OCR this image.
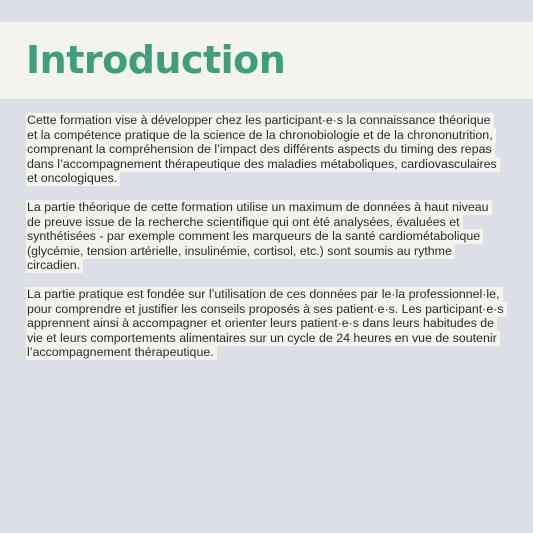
Introduction

Cette formation vise à développer chez les participant·e·s la connaissance théorique et la compétence pratique de la science de la chronobiologie et de la chrononutrition, comprenant la compréhension de l’impact des différents aspects du timing des repas dans l’accompagnement thérapeutique des maladies métaboliques, cardiovasculaires et oncologiques.

La partie théorique de cette formation utilise un maximum de données à haut niveau de preuve issue de la recherche scientifique qui ont été analysées, évaluées et synthétisées - par exemple comment les marqueurs de la santé cardiométabolique (glycémie, tension artérielle, insulinémie, cortisol, etc.) sont soumis au rythme circadien.

La partie pratique est fondée sur l’utilisation de ces données par le·la professionnel·le, pour comprendre et justifier les conseils proposés à ses patient·e·s. Les participant·e·s apprennent ainsi à accompagner et orienter leurs patient·e·s dans leurs habitudes de vie et leurs comportements alimentaires sur un cycle de 24 heures en vue de soutenir l’accompagnement thérapeutique.
